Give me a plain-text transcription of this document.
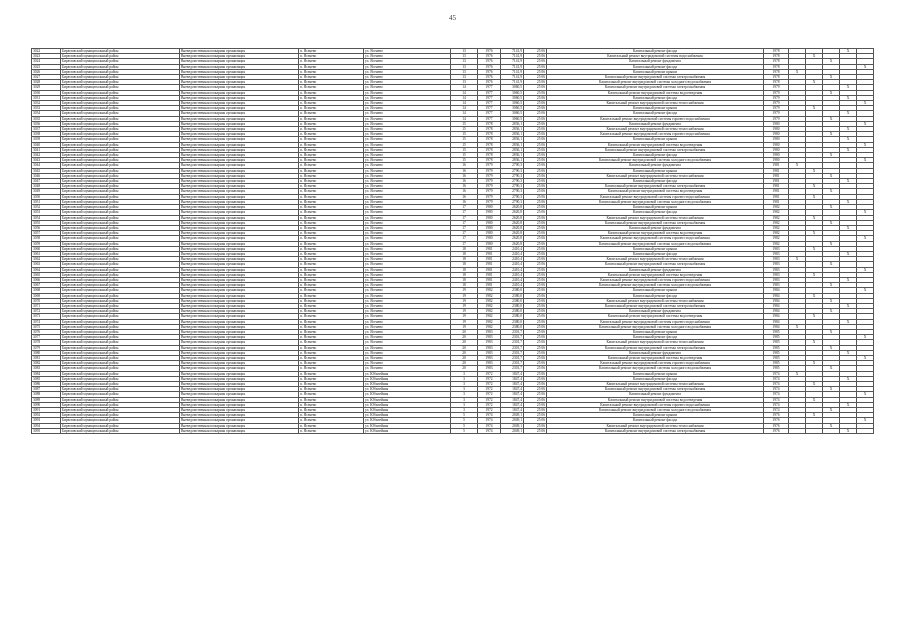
45
3022	Бирюзовский муниципальный район	Вневедомственная пожарная организация	п. Ясенево	ул. Ясенево	13	1976	7141,9	25 06	Капитальный ремонт фасада	1978				X	
3023	Бирюзовский муниципальный район	Вневедомственная пожарная организация	п. Ясенево	ул. Ясенево	13	1976	7141,9	25 06	Капитальный ремонт внутридомовой системы водоснабжения	1978		X			
3024	Бирюзовский муниципальный район	Вневедомственная пожарная организация	п. Ясенево	ул. Ясенево	13	1976	7141,9	25 06	Капитальный ремонт фундамента	1978			X		
3025	Бирюзовский муниципальный район	Вневедомственная пожарная организация	п. Ясенево	ул. Ясенево	13	1976	7141,9	25 06	Капитальный ремонт фасада	1978					X
3026	Бирюзовский муниципальный район	Вневедомственная пожарная организация	п. Ясенево	ул. Ясенево	13	1976	7141,9	25 06	Капитальный ремонт крыши	1978	X				
3027	Бирюзовский муниципальный район	Вневедомственная пожарная организация	п. Ясенево	ул. Ясенево	13	1976	7141,9	25 06	Капитальный ремонт внутридомовой системы электроснабжения	1978			X		
3028	Бирюзовский муниципальный район	Вневедомственная пожарная организация	п. Ясенево	ул. Ясенево	13	1976	7141,9	25 06	Капитальный ремонт внутридомовой системы холодного водоснабжения	1978		X			
3029	Бирюзовский муниципальный район	Вневедомственная пожарная организация	п. Ясенево	ул. Ясенево	14	1977	3060,5	25 06	Капитальный ремонт внутридомовой системы электроснабжения	1979				X	
3030	Бирюзовский муниципальный район	Вневедомственная пожарная организация	п. Ясенево	ул. Ясенево	14	1977	3060,5	25 06	Капитальный ремонт внутридомовой системы водоотведения	1979			X		
3031	Бирюзовский муниципальный район	Вневедомственная пожарная организация	п. Ясенево	ул. Ясенево	14	1977	3060,5	25 06	Капитальный ремонт фасада	1979				X	
3032	Бирюзовский муниципальный район	Вневедомственная пожарная организация	п. Ясенево	ул. Ясенево	14	1977	3060,5	25 06	Капитальный ремонт внутридомовой системы теплоснабжения	1979					X
3033	Бирюзовский муниципальный район	Вневедомственная пожарная организация	п. Ясенево	ул. Ясенево	14	1977	3060,5	25 06	Капитальный ремонт крыши	1979		X			
3034	Бирюзовский муниципальный район	Вневедомственная пожарная организация	п. Ясенево	ул. Ясенево	14	1977	3060,5	25 06	Капитальный ремонт фасада	1979				X	
3035	Бирюзовский муниципальный район	Вневедомственная пожарная организация	п. Ясенево	ул. Ясенево	14	1977	3060,5	25 06	Капитальный ремонт внутридомовой системы горячего водоснабжения	1979			X		
3036	Бирюзовский муниципальный район	Вневедомственная пожарная организация	п. Ясенево	ул. Ясенево	15	1978	2836,1	25 06	Капитальный ремонт фундамента	1980					X
3037	Бирюзовский муниципальный район	Вневедомственная пожарная организация	п. Ясенево	ул. Ясенево	15	1978	2836,1	25 06	Капитальный ремонт внутридомовой системы теплоснабжения	1980				X	
3038	Бирюзовский муниципальный район	Вневедомственная пожарная организация	п. Ясенево	ул. Ясенево	15	1978	2836,1	25 06	Капитальный ремонт внутридомовой системы горячего водоснабжения	1980			X		
3039	Бирюзовский муниципальный район	Вневедомственная пожарная организация	п. Ясенево	ул. Ясенево	15	1978	2836,1	25 06	Капитальный ремонт крыши	1980				X	
3040	Бирюзовский муниципальный район	Вневедомственная пожарная организация	п. Ясенево	ул. Ясенево	15	1978	2836,1	25 06	Капитальный ремонт внутридомовой системы водоотведения	1980					X
3041	Бирюзовский муниципальный район	Вневедомственная пожарная организация	п. Ясенево	ул. Ясенево	15	1978	2836,1	25 06	Капитальный ремонт внутридомовой системы электроснабжения	1980				X	
3042	Бирюзовский муниципальный район	Вневедомственная пожарная организация	п. Ясенево	ул. Ясенево	15	1978	2836,1	25 06	Капитальный ремонт фасада	1980			X		
3043	Бирюзовский муниципальный район	Вневедомственная пожарная организация	п. Ясенево	ул. Ясенево	15	1978	2836,1	25 06	Капитальный ремонт внутридомовой системы холодного водоснабжения	1980					X
3044	Бирюзовский муниципальный район	Вневедомственная пожарная организация	п. Ясенево	ул. Ясенево	16	1979	2790,3	25 06	Капитальный ремонт фундамента	1981	X				
3045	Бирюзовский муниципальный район	Вневедомственная пожарная организация	п. Ясенево	ул. Ясенево	16	1979	2790,3	25 06	Капитальный ремонт крыши	1981		X			
3046	Бирюзовский муниципальный район	Вневедомственная пожарная организация	п. Ясенево	ул. Ясенево	16	1979	2790,3	25 06	Капитальный ремонт внутридомовой системы теплоснабжения	1981			X		
3047	Бирюзовский муниципальный район	Вневедомственная пожарная организация	п. Ясенево	ул. Ясенево	16	1979	2790,3	25 06	Капитальный ремонт фасада	1981				X	
3048	Бирюзовский муниципальный район	Вневедомственная пожарная организация	п. Ясенево	ул. Ясенево	16	1979	2790,3	25 06	Капитальный ремонт внутридомовой системы электроснабжения	1981		X			
3049	Бирюзовский муниципальный район	Вневедомственная пожарная организация	п. Ясенево	ул. Ясенево	16	1979	2790,3	25 06	Капитальный ремонт внутридомовой системы водоотведения	1981			X		
3050	Бирюзовский муниципальный район	Вневедомственная пожарная организация	п. Ясенево	ул. Ясенево	16	1979	2790,3	25 06	Капитальный ремонт внутридомовой системы горячего водоснабжения	1981		X			
3051	Бирюзовский муниципальный район	Вневедомственная пожарная организация	п. Ясенево	ул. Ясенево	16	1979	2790,3	25 06	Капитальный ремонт внутридомовой системы холодного водоснабжения	1981				X	
3052	Бирюзовский муниципальный район	Вневедомственная пожарная организация	п. Ясенево	ул. Ясенево	17	1980	2620,8	25 06	Капитальный ремонт крыши	1982			X		
3053	Бирюзовский муниципальный район	Вневедомственная пожарная организация	п. Ясенево	ул. Ясенево	17	1980	2620,8	25 06	Капитальный ремонт фасада	1982					X
3054	Бирюзовский муниципальный район	Вневедомственная пожарная организация	п. Ясенево	ул. Ясенево	17	1980	2620,8	25 06	Капитальный ремонт внутридомовой системы теплоснабжения	1982		X			
3055	Бирюзовский муниципальный район	Вневедомственная пожарная организация	п. Ясенево	ул. Ясенево	17	1980	2620,8	25 06	Капитальный ремонт внутридомовой системы электроснабжения	1982			X		
3056	Бирюзовский муниципальный район	Вневедомственная пожарная организация	п. Ясенево	ул. Ясенево	17	1980	2620,8	25 06	Капитальный ремонт фундамента	1982				X	
3057	Бирюзовский муниципальный район	Вневедомственная пожарная организация	п. Ясенево	ул. Ясенево	17	1980	2620,8	25 06	Капитальный ремонт внутридомовой системы водоотведения	1982		X			
3058	Бирюзовский муниципальный район	Вневедомственная пожарная организация	п. Ясенево	ул. Ясенево	17	1980	2620,8	25 06	Капитальный ремонт внутридомовой системы горячего водоснабжения	1982					X
3059	Бирюзовский муниципальный район	Вневедомственная пожарная организация	п. Ясенево	ул. Ясенево	17	1980	2620,8	25 06	Капитальный ремонт внутридомовой системы холодного водоснабжения	1982			X		
3060	Бирюзовский муниципальный район	Вневедомственная пожарная организация	п. Ясенево	ул. Ясенево	18	1981	2410,4	25 06	Капитальный ремонт крыши	1983		X			
3061	Бирюзовский муниципальный район	Вневедомственная пожарная организация	п. Ясенево	ул. Ясенево	18	1981	2410,4	25 06	Капитальный ремонт фасада	1983				X	
3062	Бирюзовский муниципальный район	Вневедомственная пожарная организация	п. Ясенево	ул. Ясенево	18	1981	2410,4	25 06	Капитальный ремонт внутридомовой системы теплоснабжения	1983	X				
3063	Бирюзовский муниципальный район	Вневедомственная пожарная организация	п. Ясенево	ул. Ясенево	18	1981	2410,4	25 06	Капитальный ремонт внутридомовой системы электроснабжения	1983			X		
3064	Бирюзовский муниципальный район	Вневедомственная пожарная организация	п. Ясенево	ул. Ясенево	18	1981	2410,4	25 06	Капитальный ремонт фундамента	1983					X
3065	Бирюзовский муниципальный район	Вневедомственная пожарная организация	п. Ясенево	ул. Ясенево	18	1981	2410,4	25 06	Капитальный ремонт внутридомовой системы водоотведения	1983		X			
3066	Бирюзовский муниципальный район	Вневедомственная пожарная организация	п. Ясенево	ул. Ясенево	18	1981	2410,4	25 06	Капитальный ремонт внутридомовой системы горячего водоснабжения	1983				X	
3067	Бирюзовский муниципальный район	Вневедомственная пожарная организация	п. Ясенево	ул. Ясенево	18	1981	2410,4	25 06	Капитальный ремонт внутридомовой системы холодного водоснабжения	1983			X		
3068	Бирюзовский муниципальный район	Вневедомственная пожарная организация	п. Ясенево	ул. Ясенево	19	1982	2380,0	25 06	Капитальный ремонт крыши	1984					X
3069	Бирюзовский муниципальный район	Вневедомственная пожарная организация	п. Ясенево	ул. Ясенево	19	1982	2380,0	25 06	Капитальный ремонт фасада	1984		X			
3070	Бирюзовский муниципальный район	Вневедомственная пожарная организация	п. Ясенево	ул. Ясенево	19	1982	2380,0	25 06	Капитальный ремонт внутридомовой системы теплоснабжения	1984			X		
3071	Бирюзовский муниципальный район	Вневедомственная пожарная организация	п. Ясенево	ул. Ясенево	19	1982	2380,0	25 06	Капитальный ремонт внутридомовой системы электроснабжения	1984				X	
3072	Бирюзовский муниципальный район	Вневедомственная пожарная организация	п. Ясенево	ул. Ясенево	19	1982	2380,0	25 06	Капитальный ремонт фундамента	1984			X		
3073	Бирюзовский муниципальный район	Вневедомственная пожарная организация	п. Ясенево	ул. Ясенево	19	1982	2380,0	25 06	Капитальный ремонт внутридомовой системы водоотведения	1984		X			
3074	Бирюзовский муниципальный район	Вневедомственная пожарная организация	п. Ясенево	ул. Ясенево	19	1982	2380,0	25 06	Капитальный ремонт внутридомовой системы горячего водоснабжения	1984				X	
3075	Бирюзовский муниципальный район	Вневедомственная пожарная организация	п. Ясенево	ул. Ясенево	19	1982	2380,0	25 06	Капитальный ремонт внутридомовой системы холодного водоснабжения	1984	X				
3076	Бирюзовский муниципальный район	Вневедомственная пожарная организация	п. Ясенево	ул. Ясенево	20	1983	2301,7	25 06	Капитальный ремонт крыши	1985			X		
3077	Бирюзовский муниципальный район	Вневедомственная пожарная организация	п. Ясенево	ул. Ясенево	20	1983	2301,7	25 06	Капитальный ремонт фасада	1985					X
3078	Бирюзовский муниципальный район	Вневедомственная пожарная организация	п. Ясенево	ул. Ясенево	20	1983	2301,7	25 06	Капитальный ремонт внутридомовой системы теплоснабжения	1985		X			
3079	Бирюзовский муниципальный район	Вневедомственная пожарная организация	п. Ясенево	ул. Ясенево	20	1983	2301,7	25 06	Капитальный ремонт внутридомовой системы электроснабжения	1985			X		
3080	Бирюзовский муниципальный район	Вневедомственная пожарная организация	п. Ясенево	ул. Ясенево	20	1983	2301,7	25 06	Капитальный ремонт фундамента	1985				X	
3081	Бирюзовский муниципальный район	Вневедомственная пожарная организация	п. Ясенево	ул. Ясенево	20	1983	2301,7	25 06	Капитальный ремонт внутридомовой системы водоотведения	1985					X
3082	Бирюзовский муниципальный район	Вневедомственная пожарная организация	п. Ясенево	ул. Ясенево	20	1983	2301,7	25 06	Капитальный ремонт внутридомовой системы горячего водоснабжения	1985		X			
3083	Бирюзовский муниципальный район	Вневедомственная пожарная организация	п. Ясенево	ул. Ясенево	20	1983	2301,7	25 06	Капитальный ремонт внутридомовой системы холодного водоснабжения	1985			X		
3084	Бирюзовский муниципальный район	Вневедомственная пожарная организация	п. Ясенево	ул. Юбилейная	3	1972	1847,4	25 06	Капитальный ремонт крыши	1974	X				
3085	Бирюзовский муниципальный район	Вневедомственная пожарная организация	п. Ясенево	ул. Юбилейная	3	1972	1847,4	25 06	Капитальный ремонт фасада	1974				X	
3086	Бирюзовский муниципальный район	Вневедомственная пожарная организация	п. Ясенево	ул. Юбилейная	3	1972	1847,4	25 06	Капитальный ремонт внутридомовой системы теплоснабжения	1974		X			
3087	Бирюзовский муниципальный район	Вневедомственная пожарная организация	п. Ясенево	ул. Юбилейная	3	1972	1847,4	25 06	Капитальный ремонт внутридомовой системы электроснабжения	1974			X		
3088	Бирюзовский муниципальный район	Вневедомственная пожарная организация	п. Ясенево	ул. Юбилейная	3	1972	1847,4	25 06	Капитальный ремонт фундамента	1974					X
3089	Бирюзовский муниципальный район	Вневедомственная пожарная организация	п. Ясенево	ул. Юбилейная	3	1972	1847,4	25 06	Капитальный ремонт внутридомовой системы водоотведения	1974		X			
3090	Бирюзовский муниципальный район	Вневедомственная пожарная организация	п. Ясенево	ул. Юбилейная	3	1972	1847,4	25 06	Капитальный ремонт внутридомовой системы горячего водоснабжения	1974				X	
3091	Бирюзовский муниципальный район	Вневедомственная пожарная организация	п. Ясенево	ул. Юбилейная	3	1972	1847,4	25 06	Капитальный ремонт внутридомовой системы холодного водоснабжения	1974			X		
3092	Бирюзовский муниципальный район	Вневедомственная пожарная организация	п. Ясенево	ул. Юбилейная	5	1974	2049,1	25 06	Капитальный ремонт крыши	1976		X			
3093	Бирюзовский муниципальный район	Вневедомственная пожарная организация	п. Ясенево	ул. Юбилейная	5	1974	2049,1	25 06	Капитальный ремонт фасада	1976					X
3094	Бирюзовский муниципальный район	Вневедомственная пожарная организация	п. Ясенево	ул. Юбилейная	5	1974	2049,1	25 06	Капитальный ремонт внутридомовой системы теплоснабжения	1976			X		
3095	Бирюзовский муниципальный район	Вневедомственная пожарная организация	п. Ясенево	ул. Юбилейная	5	1974	2049,1	25 06	Капитальный ремонт внутридомовой системы электроснабжения	1976				X	
